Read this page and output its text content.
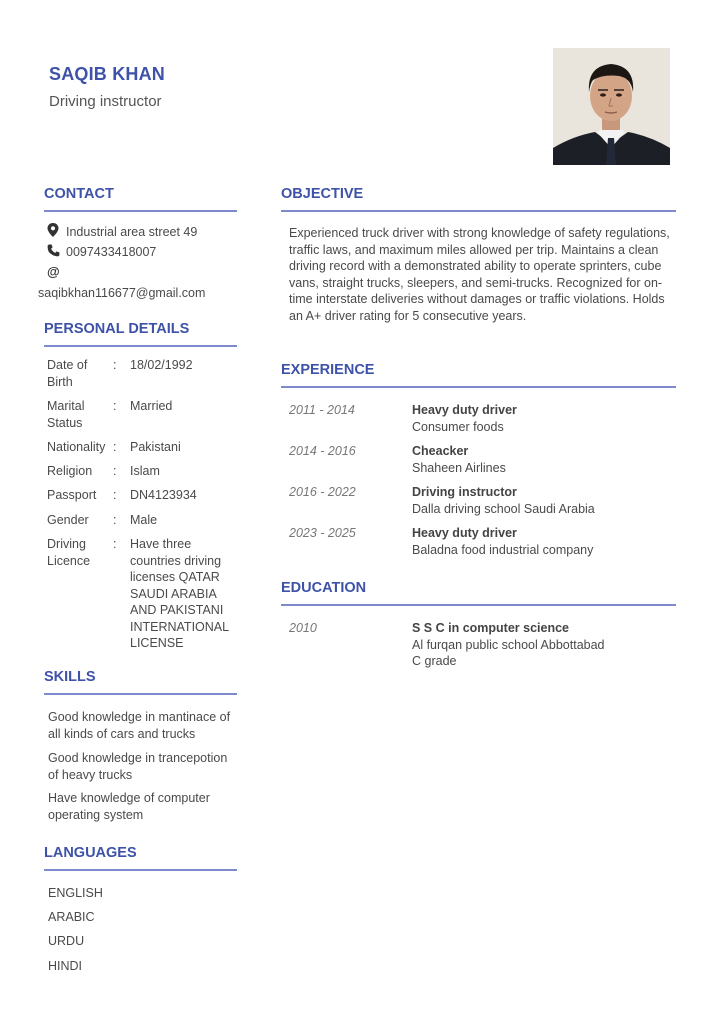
SAQIB KHAN
Driving instructor
CONTACT
Industrial area street 49
0097433418007
@
saqibkhan116677@gmail.com
PERSONAL DETAILS
Date of Birth
:	18/02/1992
Marital Status
:	Married
Nationality :	Pakistani
Religion	:	Islam
Passport	:	DN4123934
Gender	:	Male
Driving Licence
:	Have three countries driving licenses QATAR SAUDI ARABIA AND PAKISTANI INTERNATIONAL LICENSE
SKILLS
Good knowledge in mantinace of all kinds of cars and trucks
Good knowledge in trancepotion of heavy trucks
Have knowledge of computer operating system
LANGUAGES
ENGLISH
ARABIC
URDU
HINDI
OBJECTIVE
Experienced truck driver with strong knowledge of safety regulations, traffic laws, and maximum miles allowed per trip. Maintains a clean driving record with a demonstrated ability to operate sprinters, cube vans, straight trucks, sleepers, and semi-trucks. Recognized for on-time interstate deliveries without damages or traffic violations. Holds an A+ driver rating for 5 consecutive years.
EXPERIENCE
2011 - 2014	Heavy duty driver
Consumer foods
2014 - 2016	Cheacker
Shaheen Airlines
2016 - 2022	Driving instructor
Dalla driving school Saudi Arabia
2023 - 2025	Heavy duty driver
Baladna food industrial company
EDUCATION
2010	S S C in computer science
Al furqan public school Abbottabad
C grade
